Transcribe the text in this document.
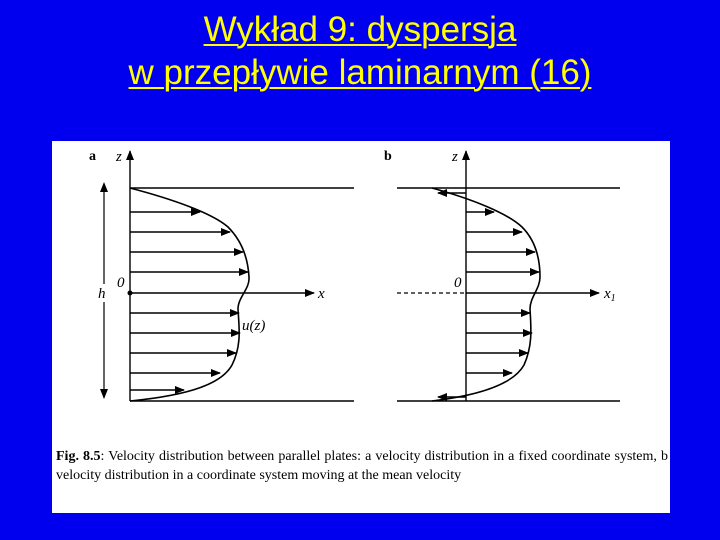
Wykład 9: dyspersja
w przepływie laminarnym (16)
a z
0
x
h
u(z)
b	z
0
$x_1$
Fig. 8.5: Velocity distribution between parallel plates: a velocity distribution in a fixed coordinate system, b velocity distribution in a coordinate system moving at the mean velocity
